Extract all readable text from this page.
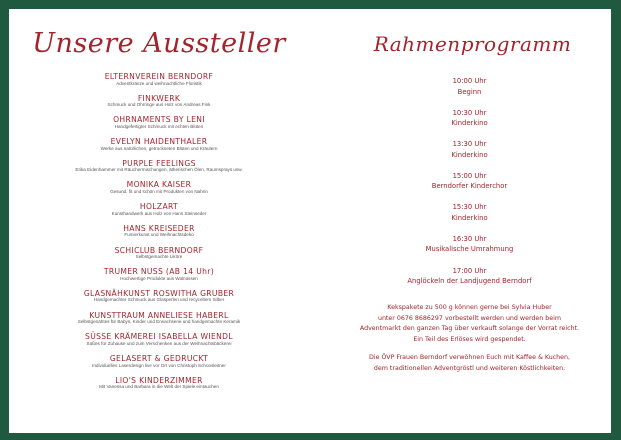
Unsere Aussteller
ELTERNVEREIN BERNDORF
Adventkränze und weihnachtliche Floristik
FINKWERK
Schmuck und Ohrringe aus Holz von Andreas Fink
OHRNAMENTS BY LENI
Handgefertigter Schmuck mit echten Blüten
EVELYN HAIDENTHALER
Werke aus natürlichen, getrockneten Blüten und Kräutern
PURPLE FEELINGS
Erika Eidenhammer mit Räuchermischungen, ätherischen Ölen, Raumsprays usw.
MONIKA KAISER
Gesund, fit und schön mit Produkten von Nahrin
HOLZART
Kunsthandwerk aus Holz von Hans Steinseder
HANS KREISEDER
Fumierkunst und Weihnachtsdeko
SCHICLUB BERNDORF
Selbstgemachte Liköre
TRUMER NUSS (AB 14 Uhr)
Hochwertige Produkte aus Walnüssen
GLASNÄHKUNST ROSWITHA GRUBER
Handgemachter Schmuck aus Glasperlen und recyceltem Silber
KUNSTTRAUM ANNELIESE HABERL
Selbstgenähtes für Babys, Kinder und Erwachsene und handgemachte Keramik
SÜSSE KRÄMEREI ISABELLA WIENDL
Süßes für Zuhause und zum Verschenken aus der Weihnachtsbäckerei
GELASERT & GEDRUCKT
Individuelles Laserdesign live vor Ort von Christoph Schoosleitner
LIO'S KINDERZIMMER
Mit Vanessa und Barbara in die Welt der Spiele eintauchen
Rahmenprogramm
10:00 Uhr
Beginn
10:30 Uhr
Kinderkino
13:30 Uhr
Kinderkino
15:00 Uhr
Berndorfer Kinderchor
15:30 Uhr
Kinderkino
16:30 Uhr
Musikalische Umrahmung
17:00 Uhr
Anglöckeln der Landjugend Berndorf
Kekspakete zu 500 g können gerne bei Sylvia Huber
unter 0676 8686297 vorbestellt werden und werden beim
Adventmarkt den ganzen Tag über verkauft solange der Vorrat reicht.
Ein Teil des Erlöses wird gespendet.
Die ÖVP Frauen Berndorf verwöhnen Euch mit Kaffee & Kuchen,
dem traditionellen Adventgröstl und weiteren Köstlichkeiten.
